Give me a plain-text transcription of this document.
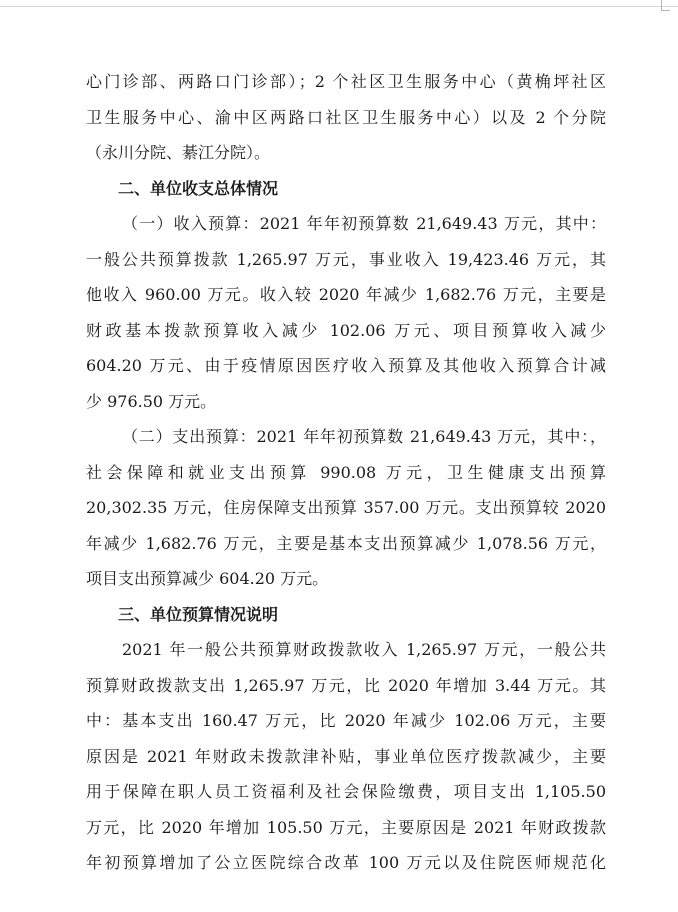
心门诊部、两路口门诊部）；2 个社区卫生服务中心（黄桷坪社区
卫生服务中心、渝中区两路口社区卫生服务中心）以及 2 个分院
（永川分院、綦江分院）。
二、单位收支总体情况
（一）收入预算：2021 年年初预算数 21,649.43 万元，其中：
一般公共预算拨款 1,265.97 万元，事业收入 19,423.46 万元，其
他收入 960.00 万元。收入较 2020 年减少 1,682.76 万元，主要是
财政基本拨款预算收入减少 102.06 万元、项目预算收入减少
604.20 万元、由于疫情原因医疗收入预算及其他收入预算合计减
少 976.50 万元。
（二）支出预算：2021 年年初预算数 21,649.43 万元，其中：，
社会保障和就业支出预算 990.08 万元，卫生健康支出预算
20,302.35 万元，住房保障支出预算 357.00 万元。支出预算较 2020
年减少 1,682.76 万元，主要是基本支出预算减少 1,078.56 万元，
项目支出预算减少 604.20 万元。
三、单位预算情况说明
2021 年一般公共预算财政拨款收入 1,265.97 万元，一般公共
预算财政拨款支出 1,265.97 万元，比 2020 年增加 3.44 万元。其
中：基本支出 160.47 万元，比 2020 年减少 102.06 万元，主要
原因是 2021 年财政未拨款津补贴，事业单位医疗拨款减少，主要
用于保障在职人员工资福利及社会保险缴费，项目支出 1,105.50
万元，比 2020 年增加 105.50 万元，主要原因是 2021 年财政拨款
年初预算增加了公立医院综合改革 100 万元以及住院医师规范化
